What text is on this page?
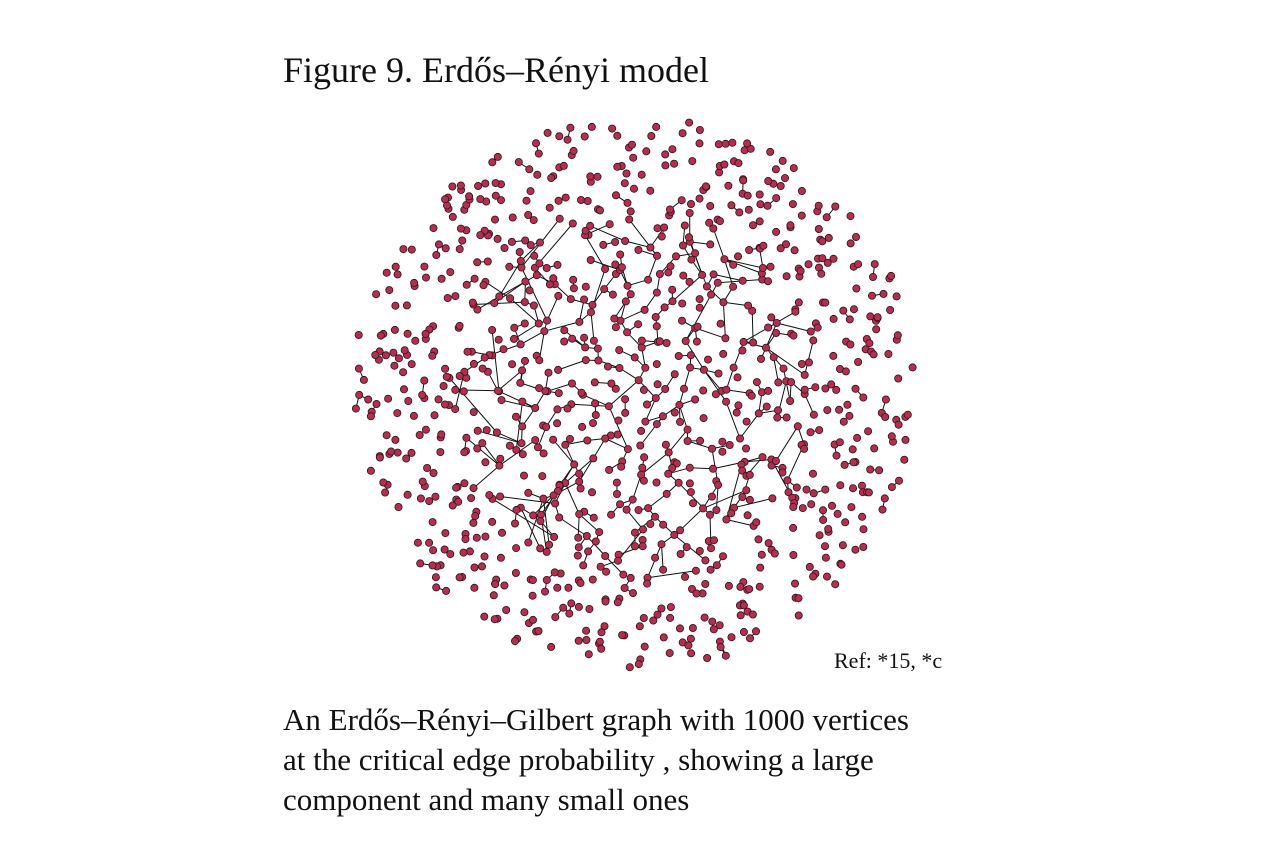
Figure 9. Erdős–Rényi model
Ref: *15, *c

An Erdős–Rényi–Gilbert graph with 1000 vertices
at the critical edge probability , showing a large
component and many small ones
